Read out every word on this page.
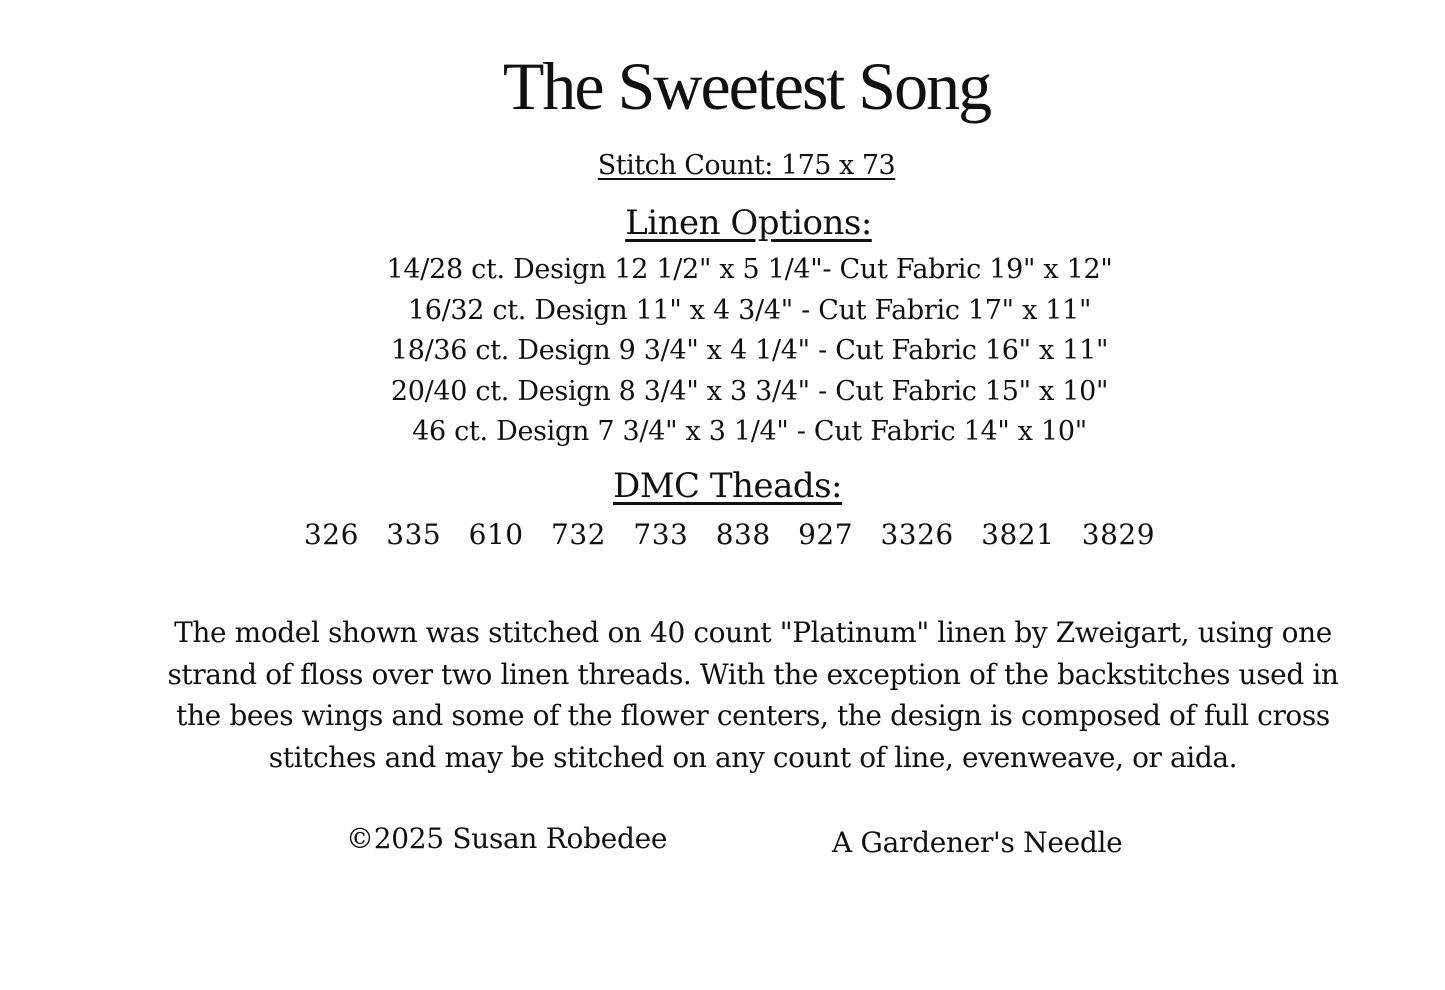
The Sweetest Song
Stitch Count: 175 x 73
Linen Options:
14/28 ct. Design 12 1/2" x 5 1/4"- Cut Fabric 19" x 12"
16/32 ct. Design 11" x 4 3/4" - Cut Fabric 17" x 11"
18/36 ct. Design 9 3/4" x 4 1/4" - Cut Fabric 16" x 11"
20/40 ct. Design 8 3/4" x 3 3/4" - Cut Fabric 15" x 10"
46 ct. Design 7 3/4" x 3 1/4" - Cut Fabric 14" x 10"
DMC Theads:
326 335 610 732 733 838 927 3326 3821 3829
The model shown was stitched on 40 count "Platinum" linen by Zweigart, using one
strand of floss over two linen threads. With the exception of the backstitches used in
the bees wings and some of the flower centers, the design is composed of full cross
stitches and may be stitched on any count of line, evenweave, or aida.
©2025 Susan Robedee	A Gardener's Needle
